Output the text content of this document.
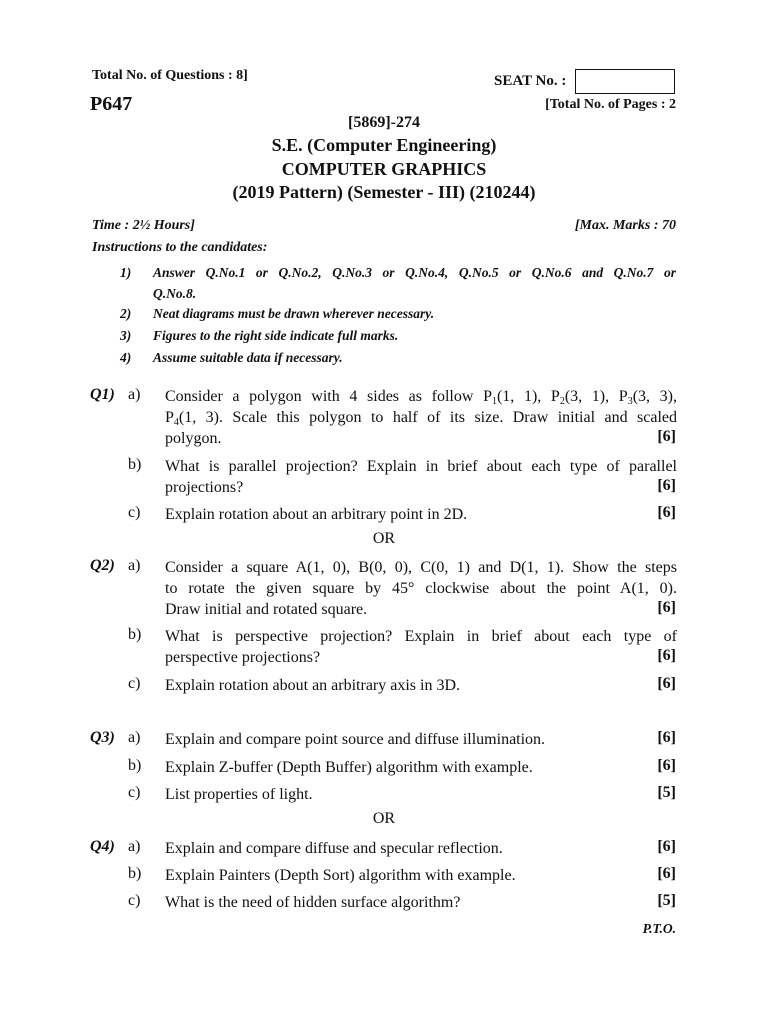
Total No. of Questions : 8]
P647
SEAT No. :
[Total No. of Pages : 2
[5869]-274
S.E. (Computer Engineering)
COMPUTER GRAPHICS
(2019 Pattern) (Semester - III) (210244)
Time : 2½ Hours]	[Max. Marks : 70
Instructions to the candidates:
1) Answer Q.No.1 or Q.No.2, Q.No.3 or Q.No.4, Q.No.5 or Q.No.6 and Q.No.7 or
Q.No.8.
2) Neat diagrams must be drawn wherever necessary.
3) Figures to the right side indicate full marks.
4) Assume suitable data if necessary.
Q1) a) Consider a polygon with 4 sides as follow $P_1(1$, 1), $P_2(3$, 1), $P_3(3$, 3),
$P_4(1$, 3). Scale this polygon to half of its size. Draw initial and scaled
polygon.	[6]
b) What is parallel projection? Explain in brief about each type of parallel
projections?	[6]
c) Explain rotation about an arbitrary point in 2D.	[6]
OR
Q2) a) Consider a square A(1, 0), B(0, 0), C(0, 1) and D(1, 1). Show the steps
to rotate the given square by 45° clockwise about the point A(1, 0).
Draw initial and rotated square.	[6]
b) What is perspective projection? Explain in brief about each type of
perspective projections?	[6]
c) Explain rotation about an arbitrary axis in 3D.	[6]
Q3) a) Explain and compare point source and diffuse illumination.	[6]
b) Explain Z-buffer (Depth Buffer) algorithm with example.	[6]
c) List properties of light.	[5]
OR
Q4) a) Explain and compare diffuse and specular reflection.	[6]
b) Explain Painters (Depth Sort) algorithm with example.	[6]
c) What is the need of hidden surface algorithm?	[5]
P.T.O.
